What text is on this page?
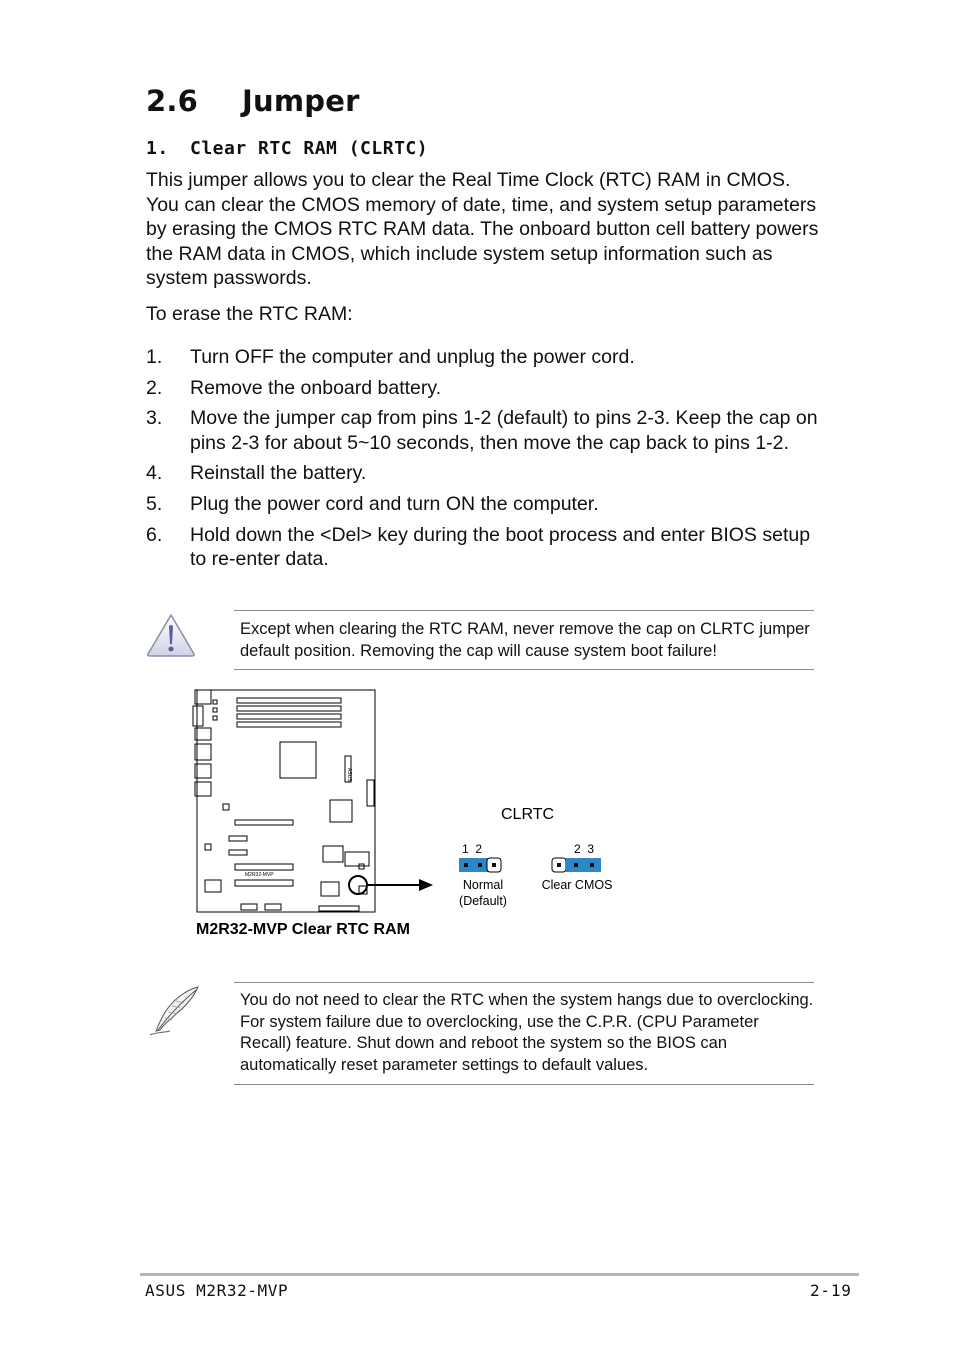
2.6 Jumper
1. Clear RTC RAM (CLRTC)

This jumper allows you to clear the Real Time Clock (RTC) RAM in CMOS. You can clear the CMOS memory of date, time, and system setup parameters by erasing the CMOS RTC RAM data. The onboard button cell battery powers the RAM data in CMOS, which include system setup information such as system passwords.

To erase the RTC RAM:

1.	Turn OFF the computer and unplug the power cord.
2.	Remove the onboard battery.
3.	Move the jumper cap from pins 1-2 (default) to pins 2-3. Keep the cap on pins 2-3 for about 5~10 seconds, then move the cap back to pins 1-2.
4.	Reinstall the battery.
5.	Plug the power cord and turn ON the computer.
6.	Hold down the <Del> key during the boot process and enter BIOS setup to re-enter data.

Except when clearing the RTC RAM, never remove the cap on CLRTC jumper default position. Removing the cap will cause system boot failure!

M2R32-MVP
ASUS
CLRTC
1  2
Normal
(Default)
2  3
Clear CMOS
M2R32-MVP Clear RTC RAM

You do not need to clear the RTC when the system hangs due to overclocking. For system failure due to overclocking, use the C.P.R. (CPU Parameter Recall) feature. Shut down and reboot the system so the BIOS can automatically reset parameter settings to default values.

ASUS M2R32-MVP	2-19
